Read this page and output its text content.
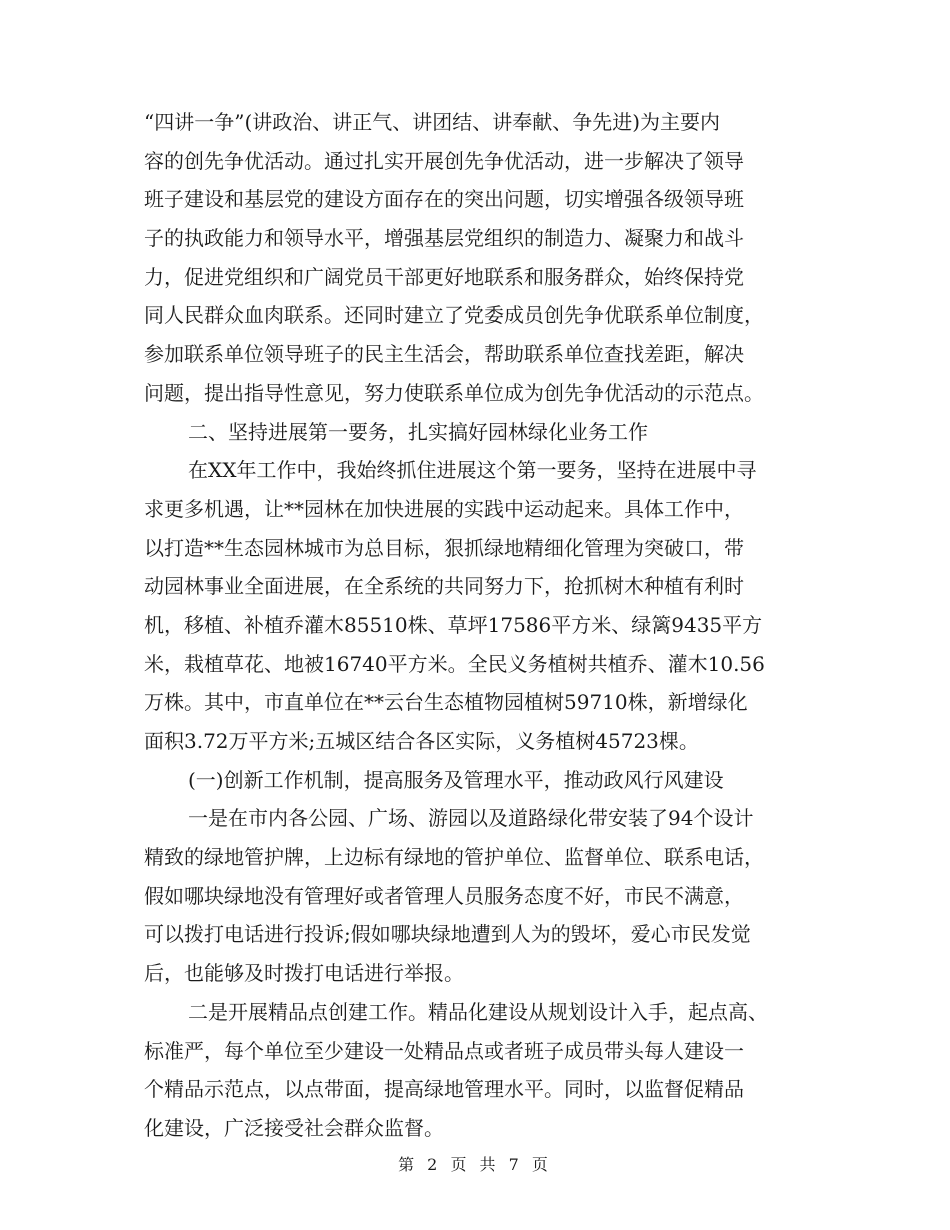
“四讲一争”(讲政治、讲正气、讲团结、讲奉献、争先进)为主要内
容的创先争优活动。通过扎实开展创先争优活动，进一步解决了领导
班子建设和基层党的建设方面存在的突出问题，切实增强各级领导班
子的执政能力和领导水平，增强基层党组织的制造力、凝聚力和战斗
力，促进党组织和广阔党员干部更好地联系和服务群众，始终保持党
同人民群众血肉联系。还同时建立了党委成员创先争优联系单位制度，
参加联系单位领导班子的民主生活会，帮助联系单位查找差距，解决
问题，提出指导性意见，努力使联系单位成为创先争优活动的示范点。
二、坚持进展第一要务，扎实搞好园林绿化业务工作
在XX年工作中，我始终抓住进展这个第一要务，坚持在进展中寻
求更多机遇，让**园林在加快进展的实践中运动起来。具体工作中，
以打造**生态园林城市为总目标，狠抓绿地精细化管理为突破口，带
动园林事业全面进展，在全系统的共同努力下，抢抓树木种植有利时
机，移植、补植乔灌木85510株、草坪17586平方米、绿篱9435平方
米，栽植草花、地被16740平方米。全民义务植树共植乔、灌木10.56
万株。其中，市直单位在**云台生态植物园植树59710株，新增绿化
面积3.72万平方米;五城区结合各区实际，义务植树45723棵。
(一)创新工作机制，提高服务及管理水平，推动政风行风建设
一是在市内各公园、广场、游园以及道路绿化带安装了94个设计
精致的绿地管护牌，上边标有绿地的管护单位、监督单位、联系电话，
假如哪块绿地没有管理好或者管理人员服务态度不好，市民不满意，
可以拨打电话进行投诉;假如哪块绿地遭到人为的毁坏，爱心市民发觉
后，也能够及时拨打电话进行举报。
二是开展精品点创建工作。精品化建设从规划设计入手，起点高、
标准严，每个单位至少建设一处精品点或者班子成员带头每人建设一
个精品示范点，以点带面，提高绿地管理水平。同时，以监督促精品
化建设，广泛接受社会群众监督。
第 2 页 共 7 页
